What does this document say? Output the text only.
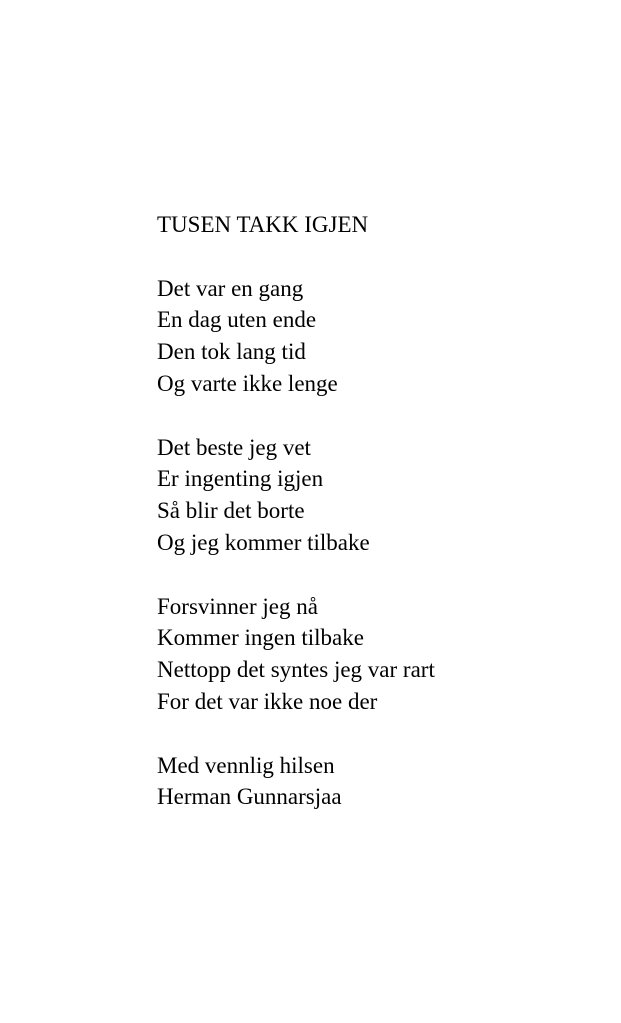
TUSEN TAKK IGJEN
Det var en gang
En dag uten ende
Den tok lang tid
Og varte ikke lenge
Det beste jeg vet
Er ingenting igjen
Så blir det borte
Og jeg kommer tilbake
Forsvinner jeg nå
Kommer ingen tilbake
Nettopp det syntes jeg var rart
For det var ikke noe der
Med vennlig hilsen
Herman Gunnarsjaa
